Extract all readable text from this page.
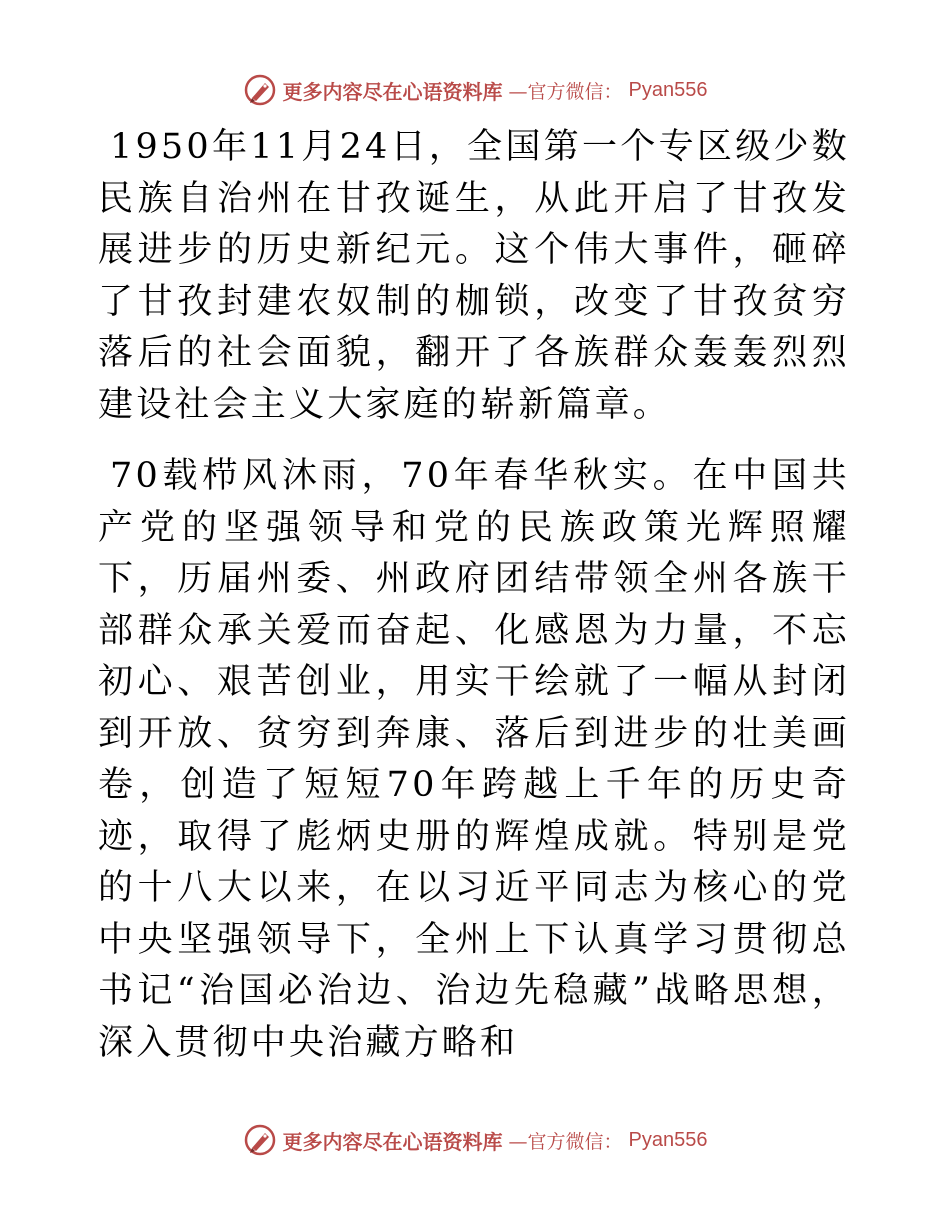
更多内容尽在心语资料库 —官方微信： Pyan556

1950年11月24日，全国第一个专区级少数民族自治州在甘孜诞生，从此开启了甘孜发展进步的历史新纪元。这个伟大事件，砸碎了甘孜封建农奴制的枷锁，改变了甘孜贫穷落后的社会面貌，翻开了各族群众轰轰烈烈建设社会主义大家庭的崭新篇章。

70载栉风沐雨，70年春华秋实。在中国共产党的坚强领导和党的民族政策光辉照耀下，历届州委、州政府团结带领全州各族干部群众承关爱而奋起、化感恩为力量，不忘初心、艰苦创业，用实干绘就了一幅从封闭到开放、贫穷到奔康、落后到进步的壮美画卷，创造了短短70年跨越上千年的历史奇迹，取得了彪炳史册的辉煌成就。特别是党的十八大以来，在以习近平同志为核心的党中央坚强领导下，全州上下认真学习贯彻总书记“治国必治边、治边先稳藏”战略思想，深入贯彻中央治藏方略和

更多内容尽在心语资料库 —官方微信： Pyan556
